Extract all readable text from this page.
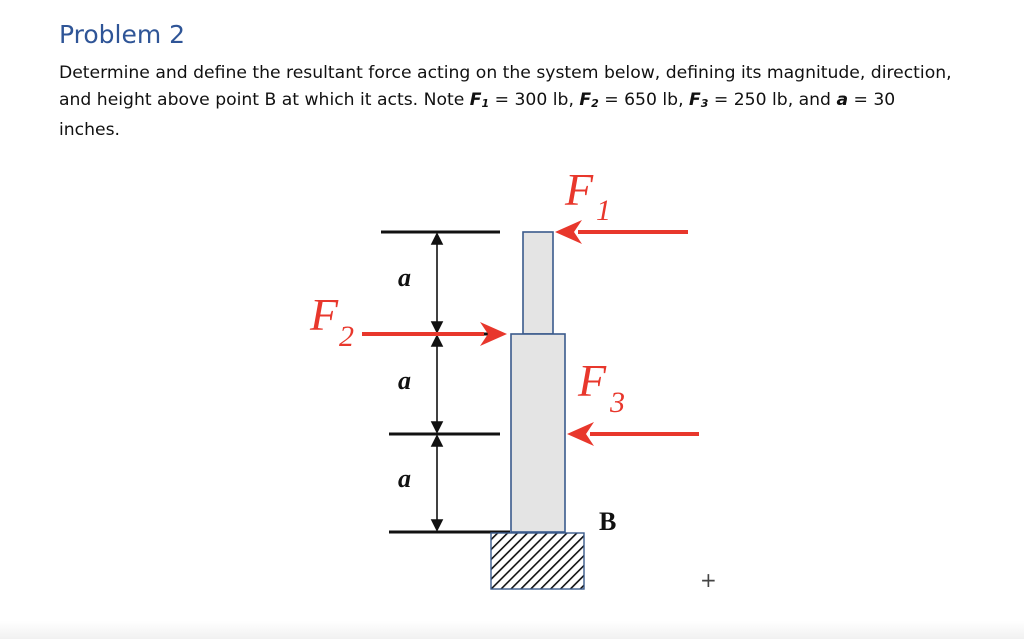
Problem 2
Determine and define the resultant force acting on the system below, defining its magnitude, direction,
and height above point B at which it acts. Note $F_1 = 300$ lb, $F_2 = 650$ lb, $F_3 = 250$ lb, and a = 30 inches.
F 1
F 2
F 3
a
a
a
B
+
